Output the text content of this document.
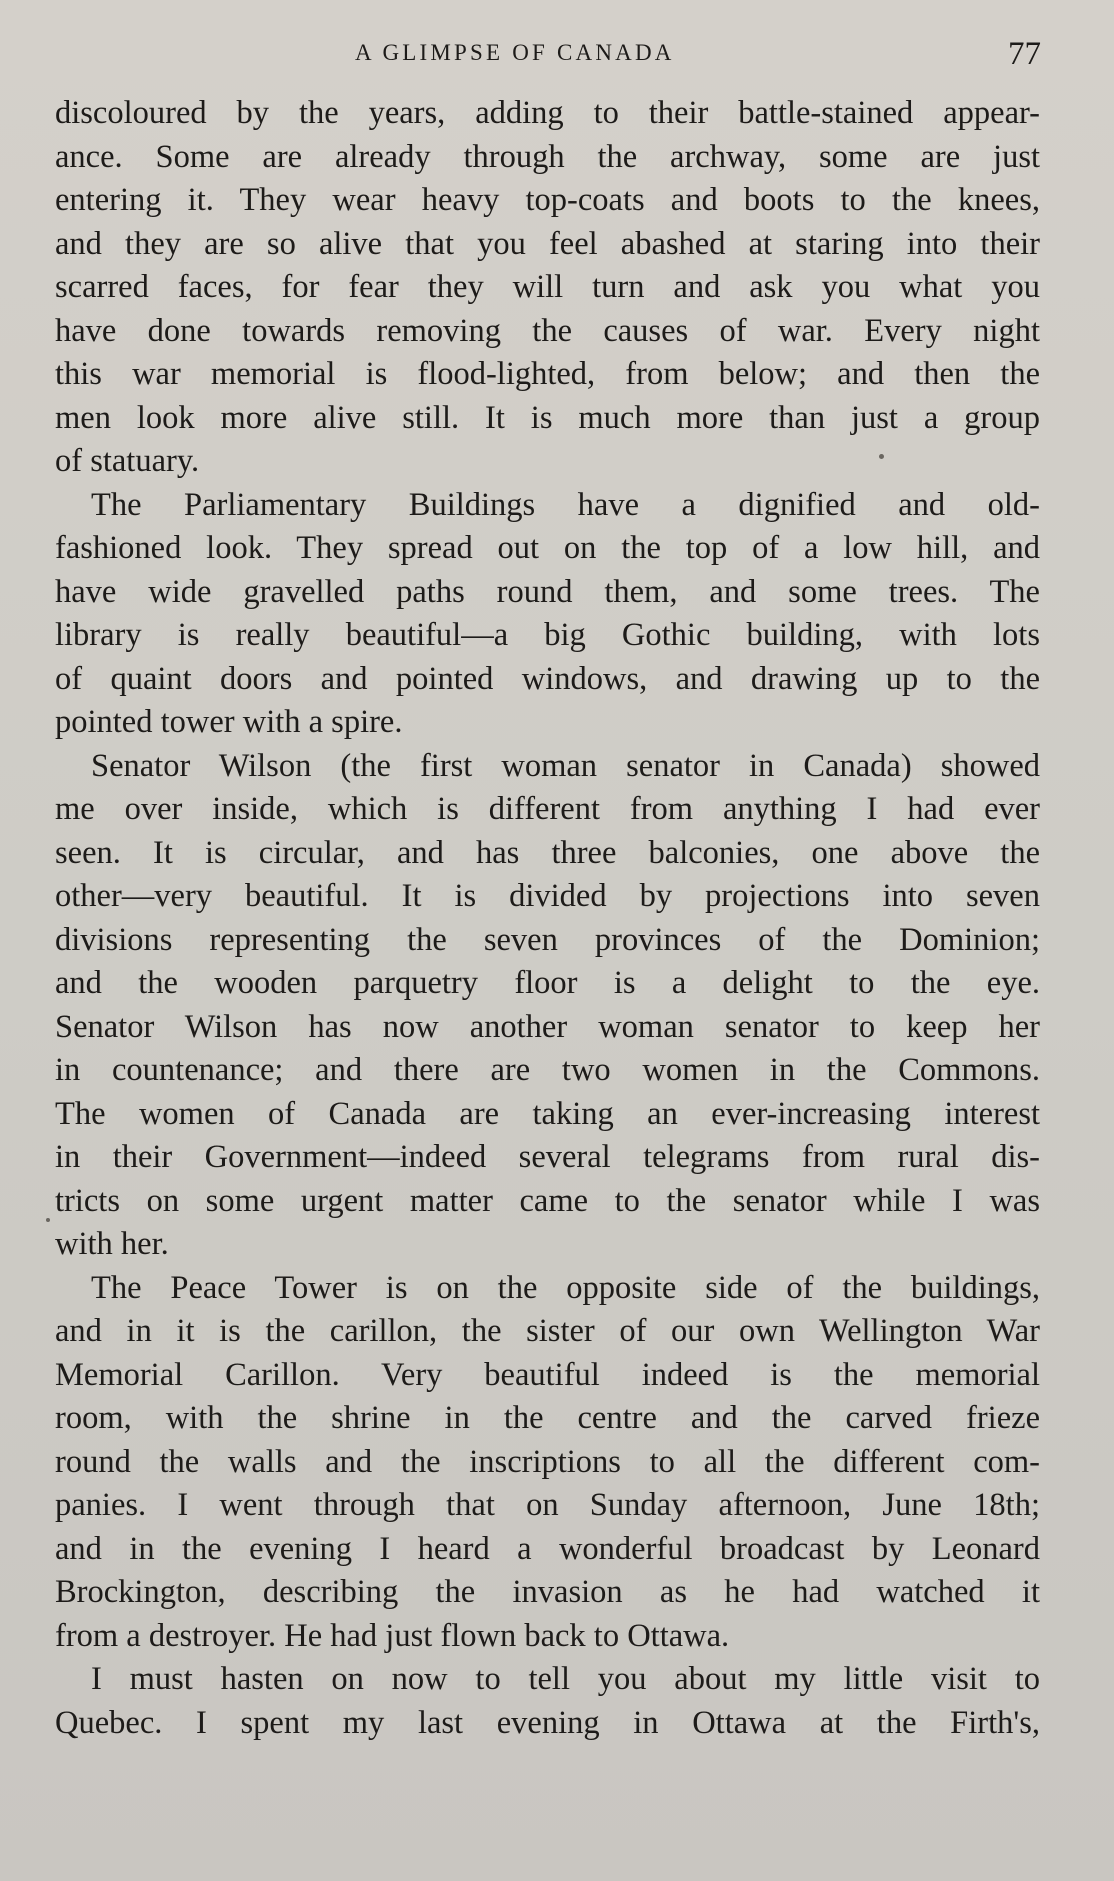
A GLIMPSE OF CANADA	77
discoloured by the years, adding to their battle-stained appear-
ance. Some are already through the archway, some are just
entering it. They wear heavy top-coats and boots to the knees,
and they are so alive that you feel abashed at staring into their
scarred faces, for fear they will turn and ask you what you
have done towards removing the causes of war. Every night
this war memorial is flood-lighted, from below; and then the
men look more alive still. It is much more than just a group
of statuary.
The Parliamentary Buildings have a dignified and old-
fashioned look. They spread out on the top of a low hill, and
have wide gravelled paths round them, and some trees. The
library is really beautiful—a big Gothic building, with lots
of quaint doors and pointed windows, and drawing up to the
pointed tower with a spire.
Senator Wilson (the first woman senator in Canada) showed
me over inside, which is different from anything I had ever
seen. It is circular, and has three balconies, one above the
other—very beautiful. It is divided by projections into seven
divisions representing the seven provinces of the Dominion;
and the wooden parquetry floor is a delight to the eye.
Senator Wilson has now another woman senator to keep her
in countenance; and there are two women in the Commons.
The women of Canada are taking an ever-increasing interest
in their Government—indeed several telegrams from rural dis-
tricts on some urgent matter came to the senator while I was
with her.
The Peace Tower is on the opposite side of the buildings,
and in it is the carillon, the sister of our own Wellington War
Memorial Carillon. Very beautiful indeed is the memorial
room, with the shrine in the centre and the carved frieze
round the walls and the inscriptions to all the different com-
panies. I went through that on Sunday afternoon, June 18th;
and in the evening I heard a wonderful broadcast by Leonard
Brockington, describing the invasion as he had watched it
from a destroyer. He had just flown back to Ottawa.
I must hasten on now to tell you about my little visit to
Quebec. I spent my last evening in Ottawa at the Firth's,
